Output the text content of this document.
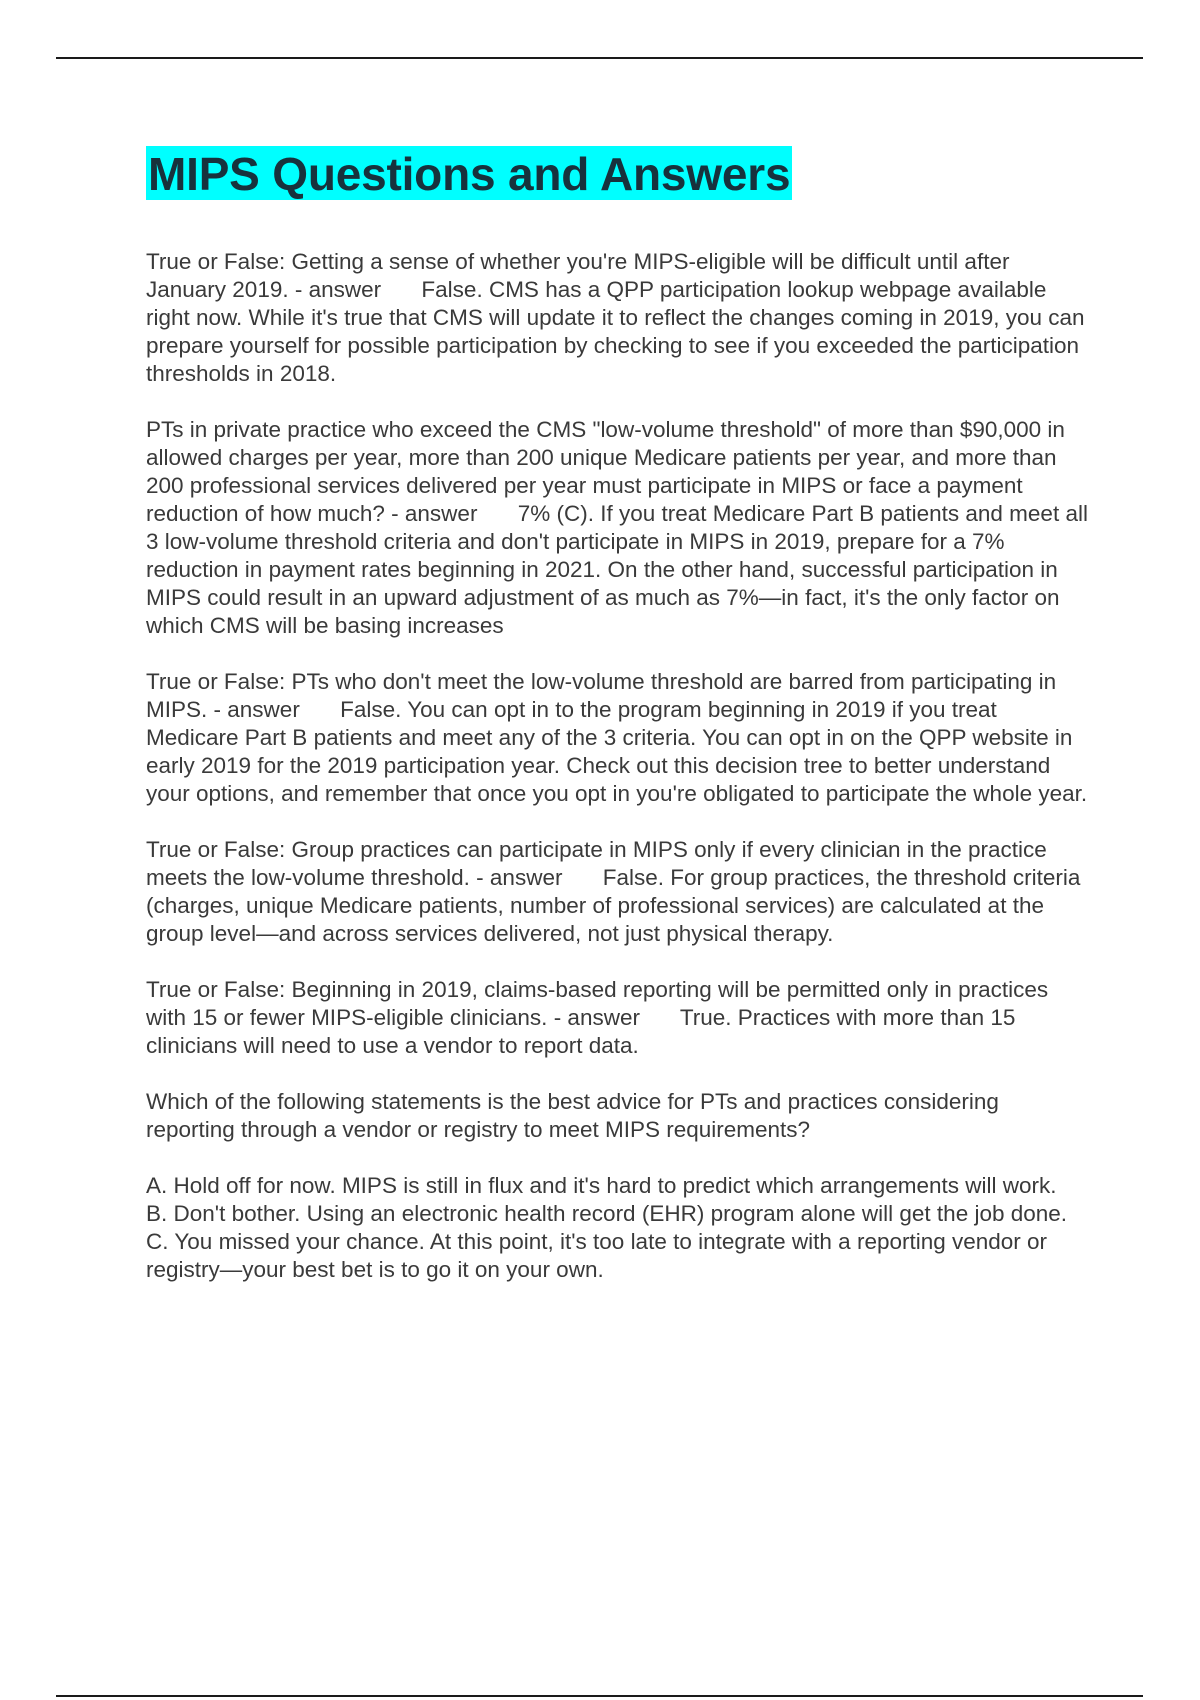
MIPS Questions and Answers

True or False: Getting a sense of whether you're MIPS-eligible will be difficult until after January 2019. - answer False. CMS has a QPP participation lookup webpage available right now. While it's true that CMS will update it to reflect the changes coming in 2019, you can prepare yourself for possible participation by checking to see if you exceeded the participation thresholds in 2018.

PTs in private practice who exceed the CMS "low-volume threshold" of more than $90,000 in allowed charges per year, more than 200 unique Medicare patients per year, and more than 200 professional services delivered per year must participate in MIPS or face a payment reduction of how much? - answer 7% (C). If you treat Medicare Part B patients and meet all 3 low-volume threshold criteria and don't participate in MIPS in 2019, prepare for a 7% reduction in payment rates beginning in 2021. On the other hand, successful participation in MIPS could result in an upward adjustment of as much as 7%—in fact, it's the only factor on which CMS will be basing increases

True or False: PTs who don't meet the low-volume threshold are barred from participating in MIPS. - answer False. You can opt in to the program beginning in 2019 if you treat Medicare Part B patients and meet any of the 3 criteria. You can opt in on the QPP website in early 2019 for the 2019 participation year. Check out this decision tree to better understand your options, and remember that once you opt in you're obligated to participate the whole year.

True or False: Group practices can participate in MIPS only if every clinician in the practice meets the low-volume threshold. - answer False. For group practices, the threshold criteria (charges, unique Medicare patients, number of professional services) are calculated at the group level—and across services delivered, not just physical therapy.

True or False: Beginning in 2019, claims-based reporting will be permitted only in practices with 15 or fewer MIPS-eligible clinicians. - answer True. Practices with more than 15 clinicians will need to use a vendor to report data.

Which of the following statements is the best advice for PTs and practices considering reporting through a vendor or registry to meet MIPS requirements?

A. Hold off for now. MIPS is still in flux and it's hard to predict which arrangements will work.
B. Don't bother. Using an electronic health record (EHR) program alone will get the job done.
C. You missed your chance. At this point, it's too late to integrate with a reporting vendor or registry—your best bet is to go it on your own.
